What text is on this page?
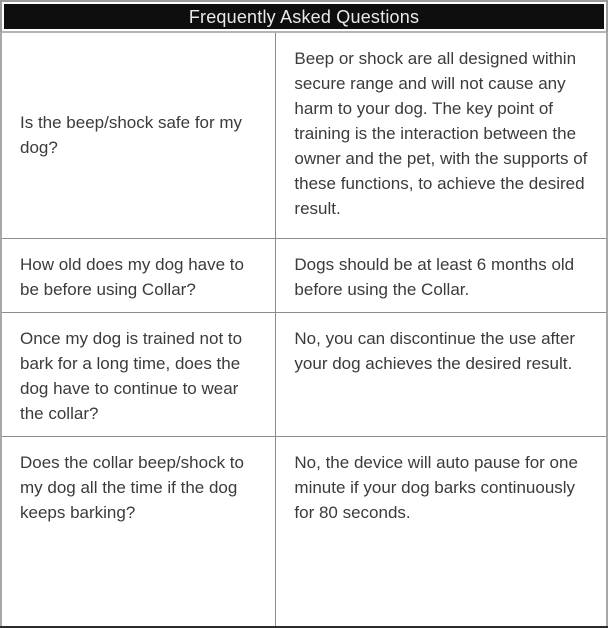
Frequently Asked Questions
Is the beep/shock safe for my dog?	Beep or shock are all designed within secure range and will not cause any harm to your dog. The key point of training is the interaction between the owner and the pet, with the supports of these functions, to achieve the desired result.

How old does my dog have to be before using Collar?	Dogs should be at least 6 months old before using the Collar.

Once my dog is trained not to bark for a long time, does the dog have to continue to wear the collar?	No, you can discontinue the use after your dog achieves the desired result.

Does the collar beep/shock to my dog all the time if the dog keeps barking?	No, the device will auto pause for one minute if your dog barks continuously for 80 seconds.
